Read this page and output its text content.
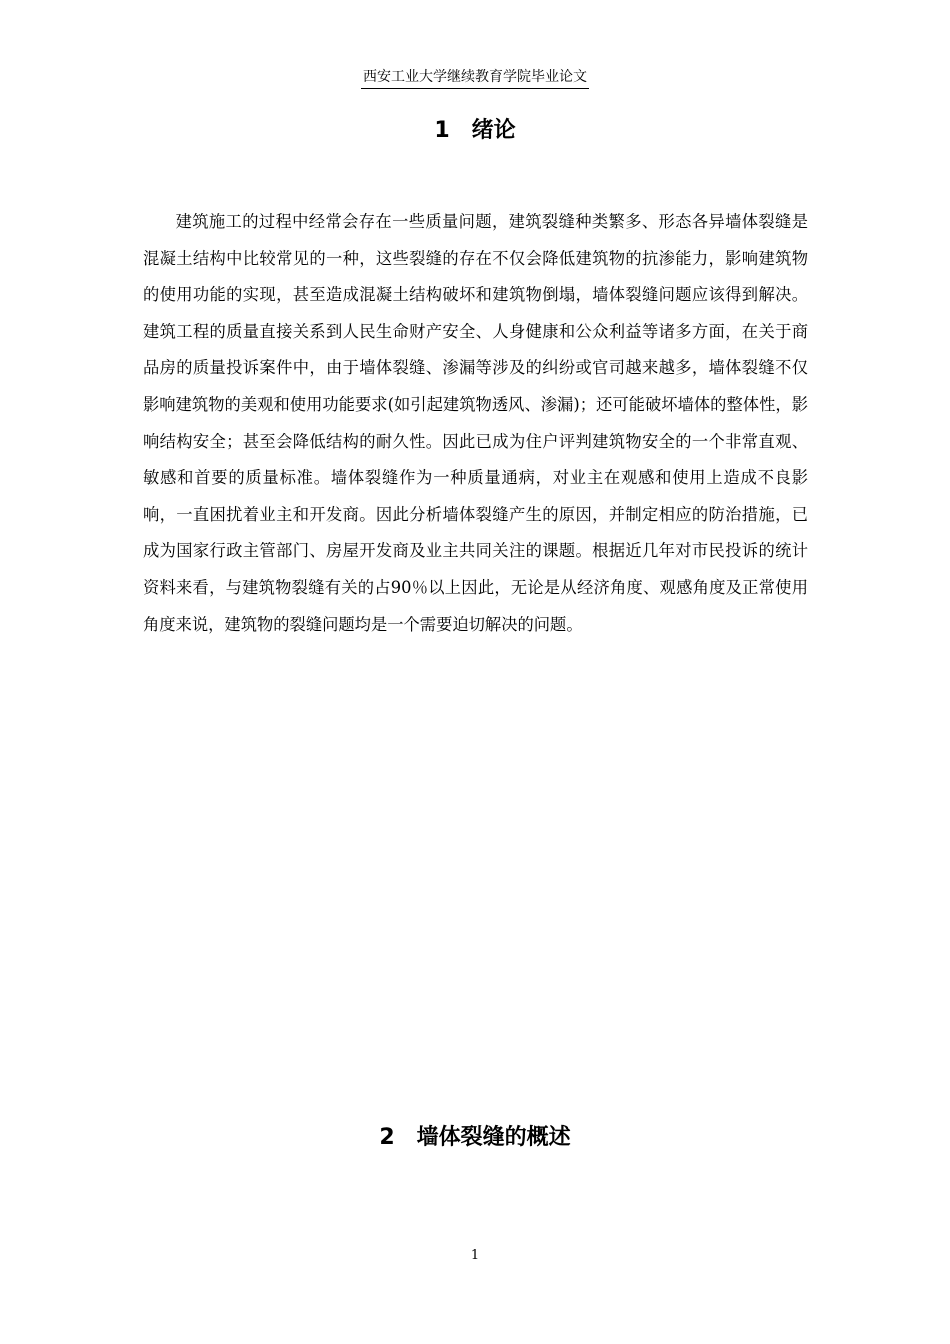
西安工业大学继续教育学院毕业论文
1 绪论

建筑施工的过程中经常会存在一些质量问题，建筑裂缝种类繁多、形态各异墙体裂缝是混凝土结构中比较常见的一种，这些裂缝的存在不仅会降低建筑物的抗渗能力，影响建筑物的使用功能的实现，甚至造成混凝土结构破坏和建筑物倒塌，墙体裂缝问题应该得到解决。 建筑工程的质量直接关系到人民生命财产安全、人身健康和公众利益等诸多方面，在关于商品房的质量投诉案件中，由于墙体裂缝、渗漏等涉及的纠纷或官司越来越多，墙体裂缝不仅影响建筑物的美观和使用功能要求(如引起建筑物透风、渗漏)；还可能破坏墙体的整体性，影响结构安全；甚至会降低结构的耐久性。因此已成为住户评判建筑物安全的一个非常直观、敏感和首要的质量标准。墙体裂缝作为一种质量通病，对业主在观感和使用上造成不良影响，一直困扰着业主和开发商。因此分析墙体裂缝产生的原因，并制定相应的防治措施，已成为国家行政主管部门、房屋开发商及业主共同关注的课题。根据近几年对市民投诉的统计资料来看，与建筑物裂缝有关的占90％以上因此，无论是从经济角度、观感角度及正常使用角度来说，建筑物的裂缝问题均是一个需要迫切解决的问题。

2 墙体裂缝的概述
1
